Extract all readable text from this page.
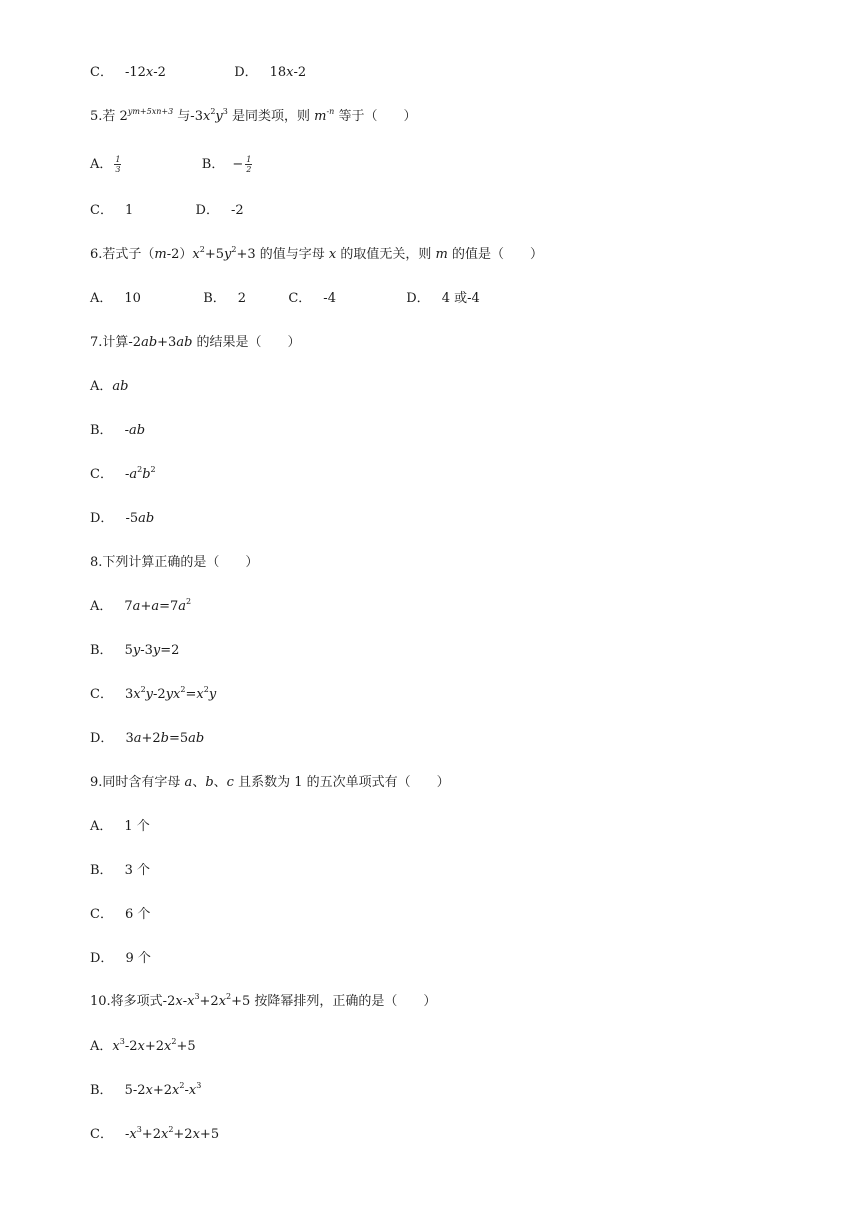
C． -12x-2	D． 18x-2
5.若 $2^{ym+5xn+3}$ 与$-3x^2y^3$ 是同类项，则 $m^{-n}$ 等于（　　）
A． $\frac{1}{3}$	B． − $\frac{1}{2}$
C． 1	D． -2
6.若式子$(m-2)x^2+5y^2+3$ 的值与字母 x 的取值无关，则 m 的值是（　　）
A． 10	B． 2	C． -4	D． 4 或-4
7.计算-2ab+3ab 的结果是（　　）
A．ab
B． -ab
C． $-a^2b^2$
D． -5ab
8.下列计算正确的是（　　）
A． $7a+a=7a^2$
B． 5y-3y=2
C． $3x^2y-2yx^2=x^2y$
D． 3a+2b=5ab
9.同时含有字母 a、b、c 且系数为 1 的五次单项式有（　　）
A． 1 个
B． 3 个
C． 6 个
D． 9 个
10.将多项式$-2x-x^3+2x^2+5$ 按降幂排列，正确的是（　　）
A．$x^3-2x+2x^2+5$
B． $5-2x+2x^2-x^3$
C． $-x^3+2x^2+2x+5$
